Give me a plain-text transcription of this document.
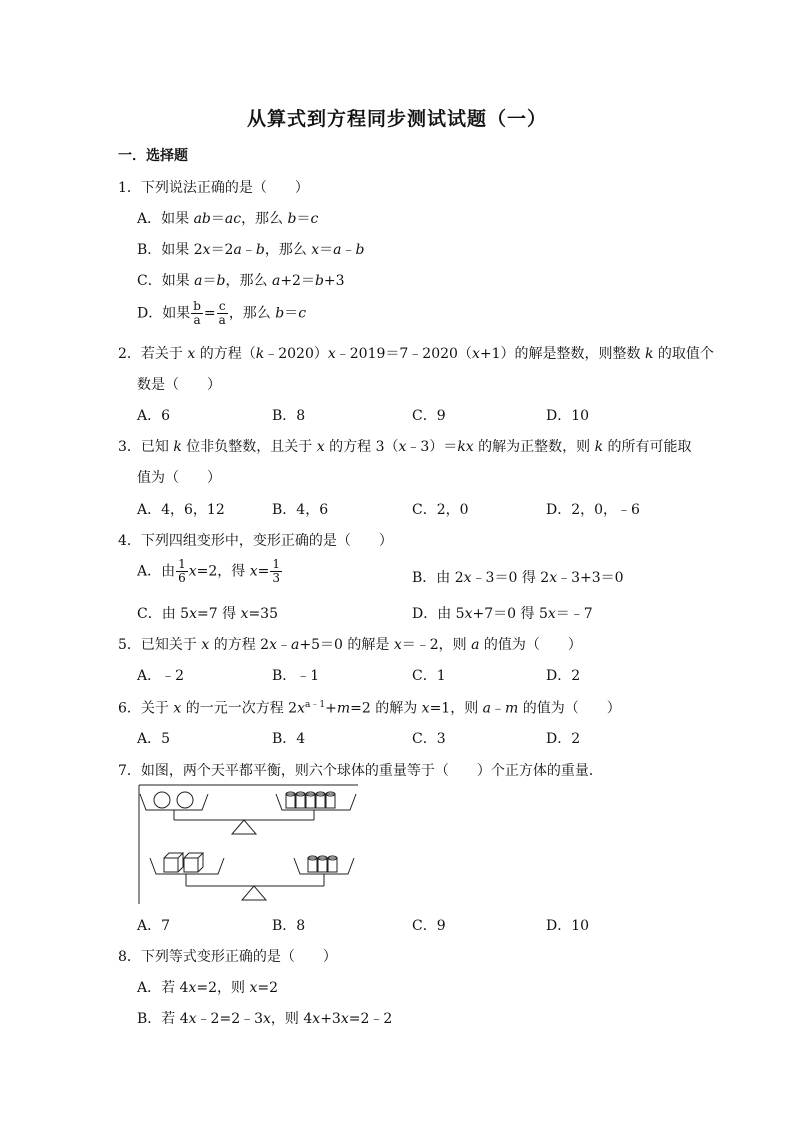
从算式到方程同步测试试题（一）
一．选择题
1．下列说法正确的是（　　）
A．如果 ab＝ac，那么 b＝c
B．如果 2x＝2a﹣b，那么 x＝a﹣b
C．如果 a＝b，那么 a+2＝b+3
D．如果 $\frac{b}{a} = \frac{c}{a}$ ，那么 b＝c
2．若关于 x 的方程（k﹣2020）x﹣2019＝7﹣2020（x+1）的解是整数，则整数 k 的取值个
数是（　　）
A．6	B．8	C．9	D．10
3．已知 k 位非负整数，且关于 x 的方程 3（x﹣3）＝kx 的解为正整数，则 k 的所有可能取
值为（　　）
A．4，6，12	B．4，6	C．2，0	D．2，0，﹣6
4．下列四组变形中，变形正确的是（　　）
A．由 $\frac{1}{6} x=2$，得 $x= \frac{1}{3}$	B．由 2x﹣3＝0 得 2x﹣3+3＝0
C．由 5x=7 得 x=35	D．由 5x+7＝0 得 5x＝﹣7
5．已知关于 x 的方程 2x﹣a+5＝0 的解是 x＝﹣2，则 a 的值为（　　）
A．﹣2	B．﹣1	C．1	D．2
6．关于 x 的一元一次方程 $2x^{a﹣1}+m=2$ 的解为 x=1，则 a﹣m 的值为（　　）
A．5	B．4	C．3	D．2
7．如图，两个天平都平衡，则六个球体的重量等于（　　）个正方体的重量．
A．7	B．8	C．9	D．10
8．下列等式变形正确的是（　　）
A．若 4x=2，则 x=2
B．若 4x﹣2=2﹣3x，则 4x+3x=2﹣2
